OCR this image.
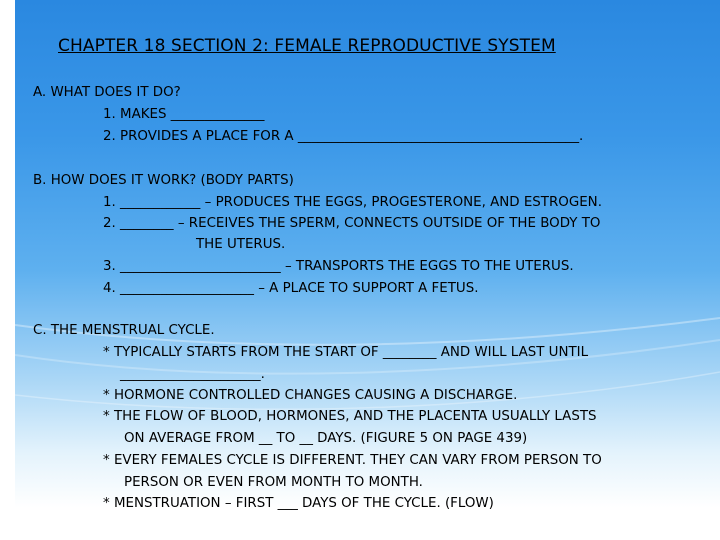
CHAPTER 18 SECTION 2: FEMALE REPRODUCTIVE SYSTEM
A. WHAT DOES IT DO?
1. MAKES ______________
2. PROVIDES A PLACE FOR A __________________________________________.
B. HOW DOES IT WORK? (BODY PARTS)
1. ____________ – PRODUCES THE EGGS, PROGESTERONE, AND ESTROGEN.
2. ________ – RECEIVES THE SPERM, CONNECTS OUTSIDE OF THE BODY TO
THE UTERUS.
3. ________________________ – TRANSPORTS THE EGGS TO THE UTERUS.
4. ____________________ – A PLACE TO SUPPORT A FETUS.
C. THE MENSTRUAL CYCLE.
* TYPICALLY STARTS FROM THE START OF ________ AND WILL LAST UNTIL
_____________________.
* HORMONE CONTROLLED CHANGES CAUSING A DISCHARGE.
* THE FLOW OF BLOOD, HORMONES, AND THE PLACENTA USUALLY LASTS
ON AVERAGE FROM __ TO __ DAYS. (FIGURE 5 ON PAGE 439)
* EVERY FEMALES CYCLE IS DIFFERENT. THEY CAN VARY FROM PERSON TO
PERSON OR EVEN FROM MONTH TO MONTH.
* MENSTRUATION – FIRST ___ DAYS OF THE CYCLE. (FLOW)
